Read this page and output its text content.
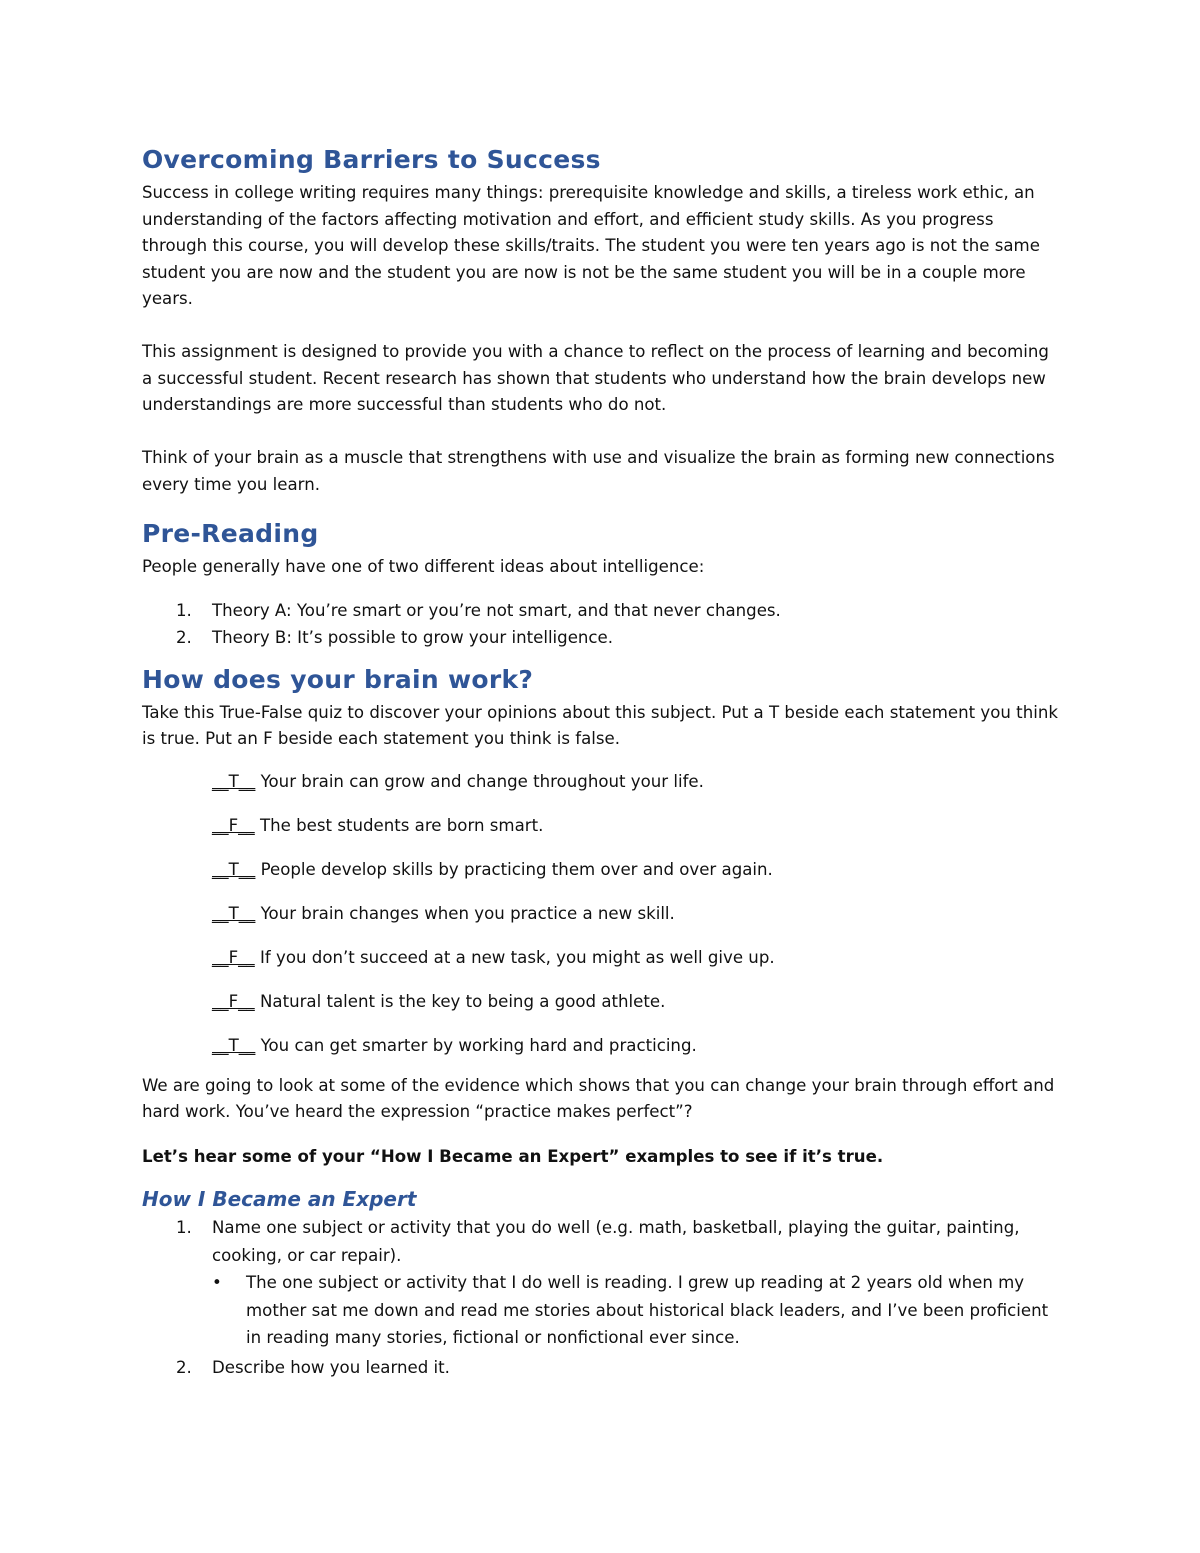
Overcoming Barriers to Success

Success in college writing requires many things: prerequisite knowledge and skills, a tireless work ethic, an understanding of the factors affecting motivation and effort, and efficient study skills. As you progress through this course, you will develop these skills/traits. The student you were ten years ago is not the same student you are now and the student you are now is not be the same student you will be in a couple more years.

This assignment is designed to provide you with a chance to reflect on the process of learning and becoming a successful student. Recent research has shown that students who understand how the brain develops new understandings are more successful than students who do not.

Think of your brain as a muscle that strengthens with use and visualize the brain as forming new connections every time you learn.

Pre-Reading

People generally have one of two different ideas about intelligence:

1. Theory A: You’re smart or you’re not smart, and that never changes.
2. Theory B: It’s possible to grow your intelligence.
How does your brain work?

Take this True-False quiz to discover your opinions about this subject. Put a T beside each statement you think is true. Put an F beside each statement you think is false.

__T__ Your brain can grow and change throughout your life.
__F__ The best students are born smart.
__T__ People develop skills by practicing them over and over again.
__T__ Your brain changes when you practice a new skill.
__F__ If you don’t succeed at a new task, you might as well give up.
__F__ Natural talent is the key to being a good athlete.
__T__ You can get smarter by working hard and practicing.

We are going to look at some of the evidence which shows that you can change your brain through effort and hard work. You’ve heard the expression “practice makes perfect”?

Let’s hear some of your “How I Became an Expert” examples to see if it’s true.

How I Became an Expert
1. Name one subject or activity that you do well (e.g. math, basketball, playing the guitar, painting, cooking, or car repair).
• The one subject or activity that I do well is reading. I grew up reading at 2 years old when my mother sat me down and read me stories about historical black leaders, and I’ve been proficient in reading many stories, fictional or nonfictional ever since.
2. Describe how you learned it.
